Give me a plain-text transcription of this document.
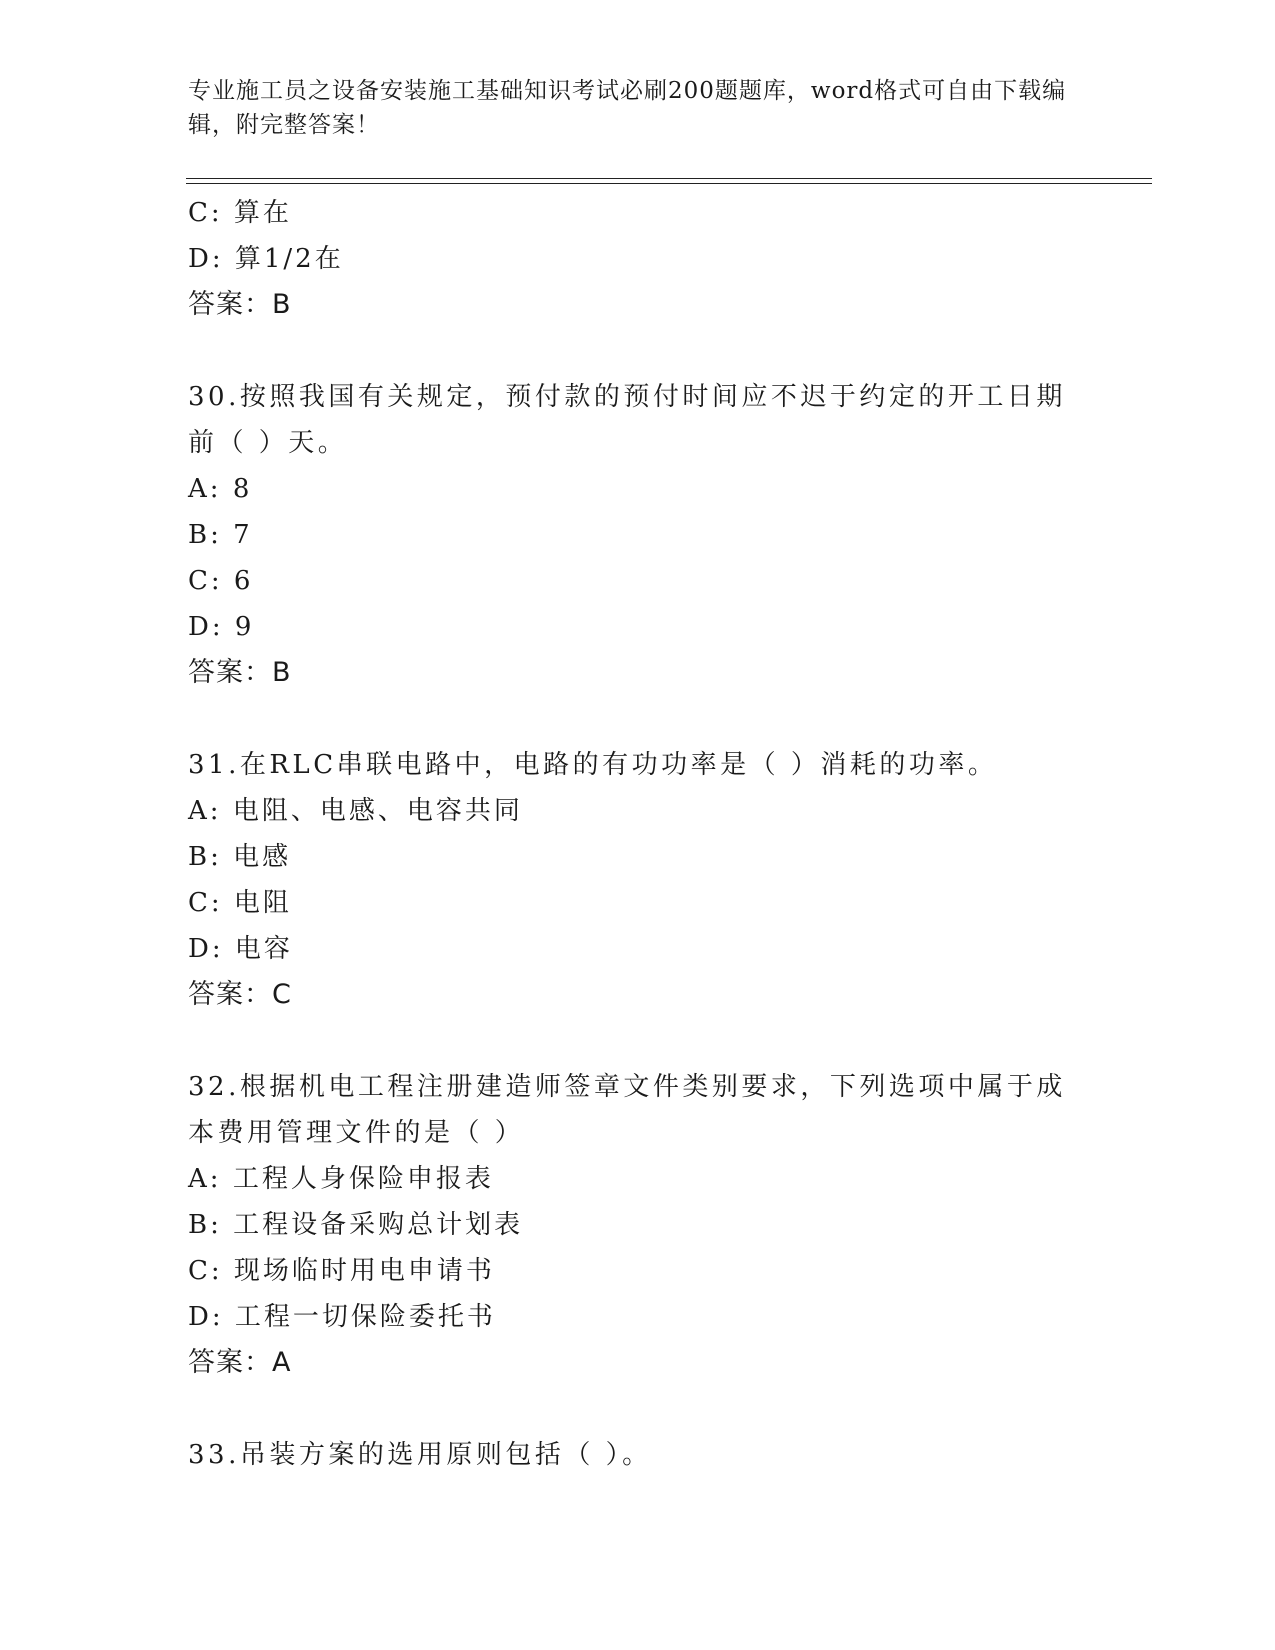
专业施工员之设备安装施工基础知识考试必刷200题题库，word格式可自由下载编辑，附完整答案！
C: 算在
D: 算1/2在
答案：B
30.按照我国有关规定，预付款的预付时间应不迟于约定的开工日期前（ ）天。
A: 8
B: 7
C: 6
D: 9
答案：B
31.在RLC串联电路中，电路的有功功率是（ ）消耗的功率。
A: 电阻、电感、电容共同
B: 电感
C: 电阻
D: 电容
答案：C
32.根据机电工程注册建造师签章文件类别要求，下列选项中属于成本费用管理文件的是（ ）
A: 工程人身保险申报表
B: 工程设备采购总计划表
C: 现场临时用电申请书
D: 工程一切保险委托书
答案：A
33.吊装方案的选用原则包括（ ）。
